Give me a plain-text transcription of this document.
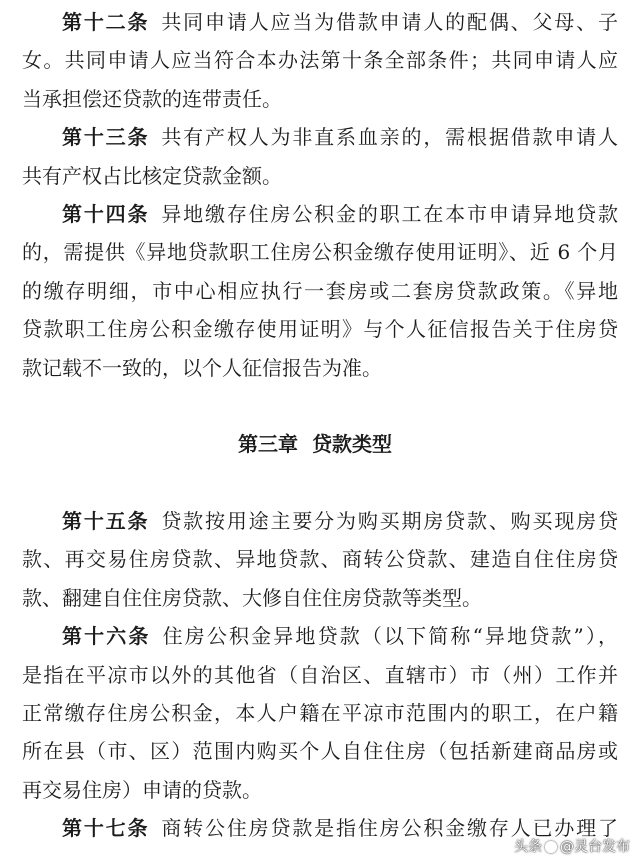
第十二条 共同申请人应当为借款申请人的配偶、父母、子
女。共同申请人应当符合本办法第十条全部条件；共同申请人应
当承担偿还贷款的连带责任。
第十三条 共有产权人为非直系血亲的，需根据借款申请人
共有产权占比核定贷款金额。
第十四条 异地缴存住房公积金的职工在本市申请异地贷款
的，需提供《异地贷款职工住房公积金缴存使用证明》、近 6 个月
的缴存明细，市中心相应执行一套房或二套房贷款政策。《异地
贷款职工住房公积金缴存使用证明》与个人征信报告关于住房贷
款记载不一致的，以个人征信报告为准。
第三章 贷款类型
第十五条 贷款按用途主要分为购买期房贷款、购买现房贷
款、再交易住房贷款、异地贷款、商转公贷款、建造自住住房贷
款、翻建自住住房贷款、大修自住住房贷款等类型。
第十六条 住房公积金异地贷款（以下简称“异地贷款”），
是指在平凉市以外的其他省（自治区、直辖市）市（州）工作并
正常缴存住房公积金，本人户籍在平凉市范围内的职工，在户籍
所在县（市、区）范围内购买个人自住住房（包括新建商品房或
再交易住房）申请的贷款。
第十七条 商转公住房贷款是指住房公积金缴存人已办理了
头条 @灵台发布
